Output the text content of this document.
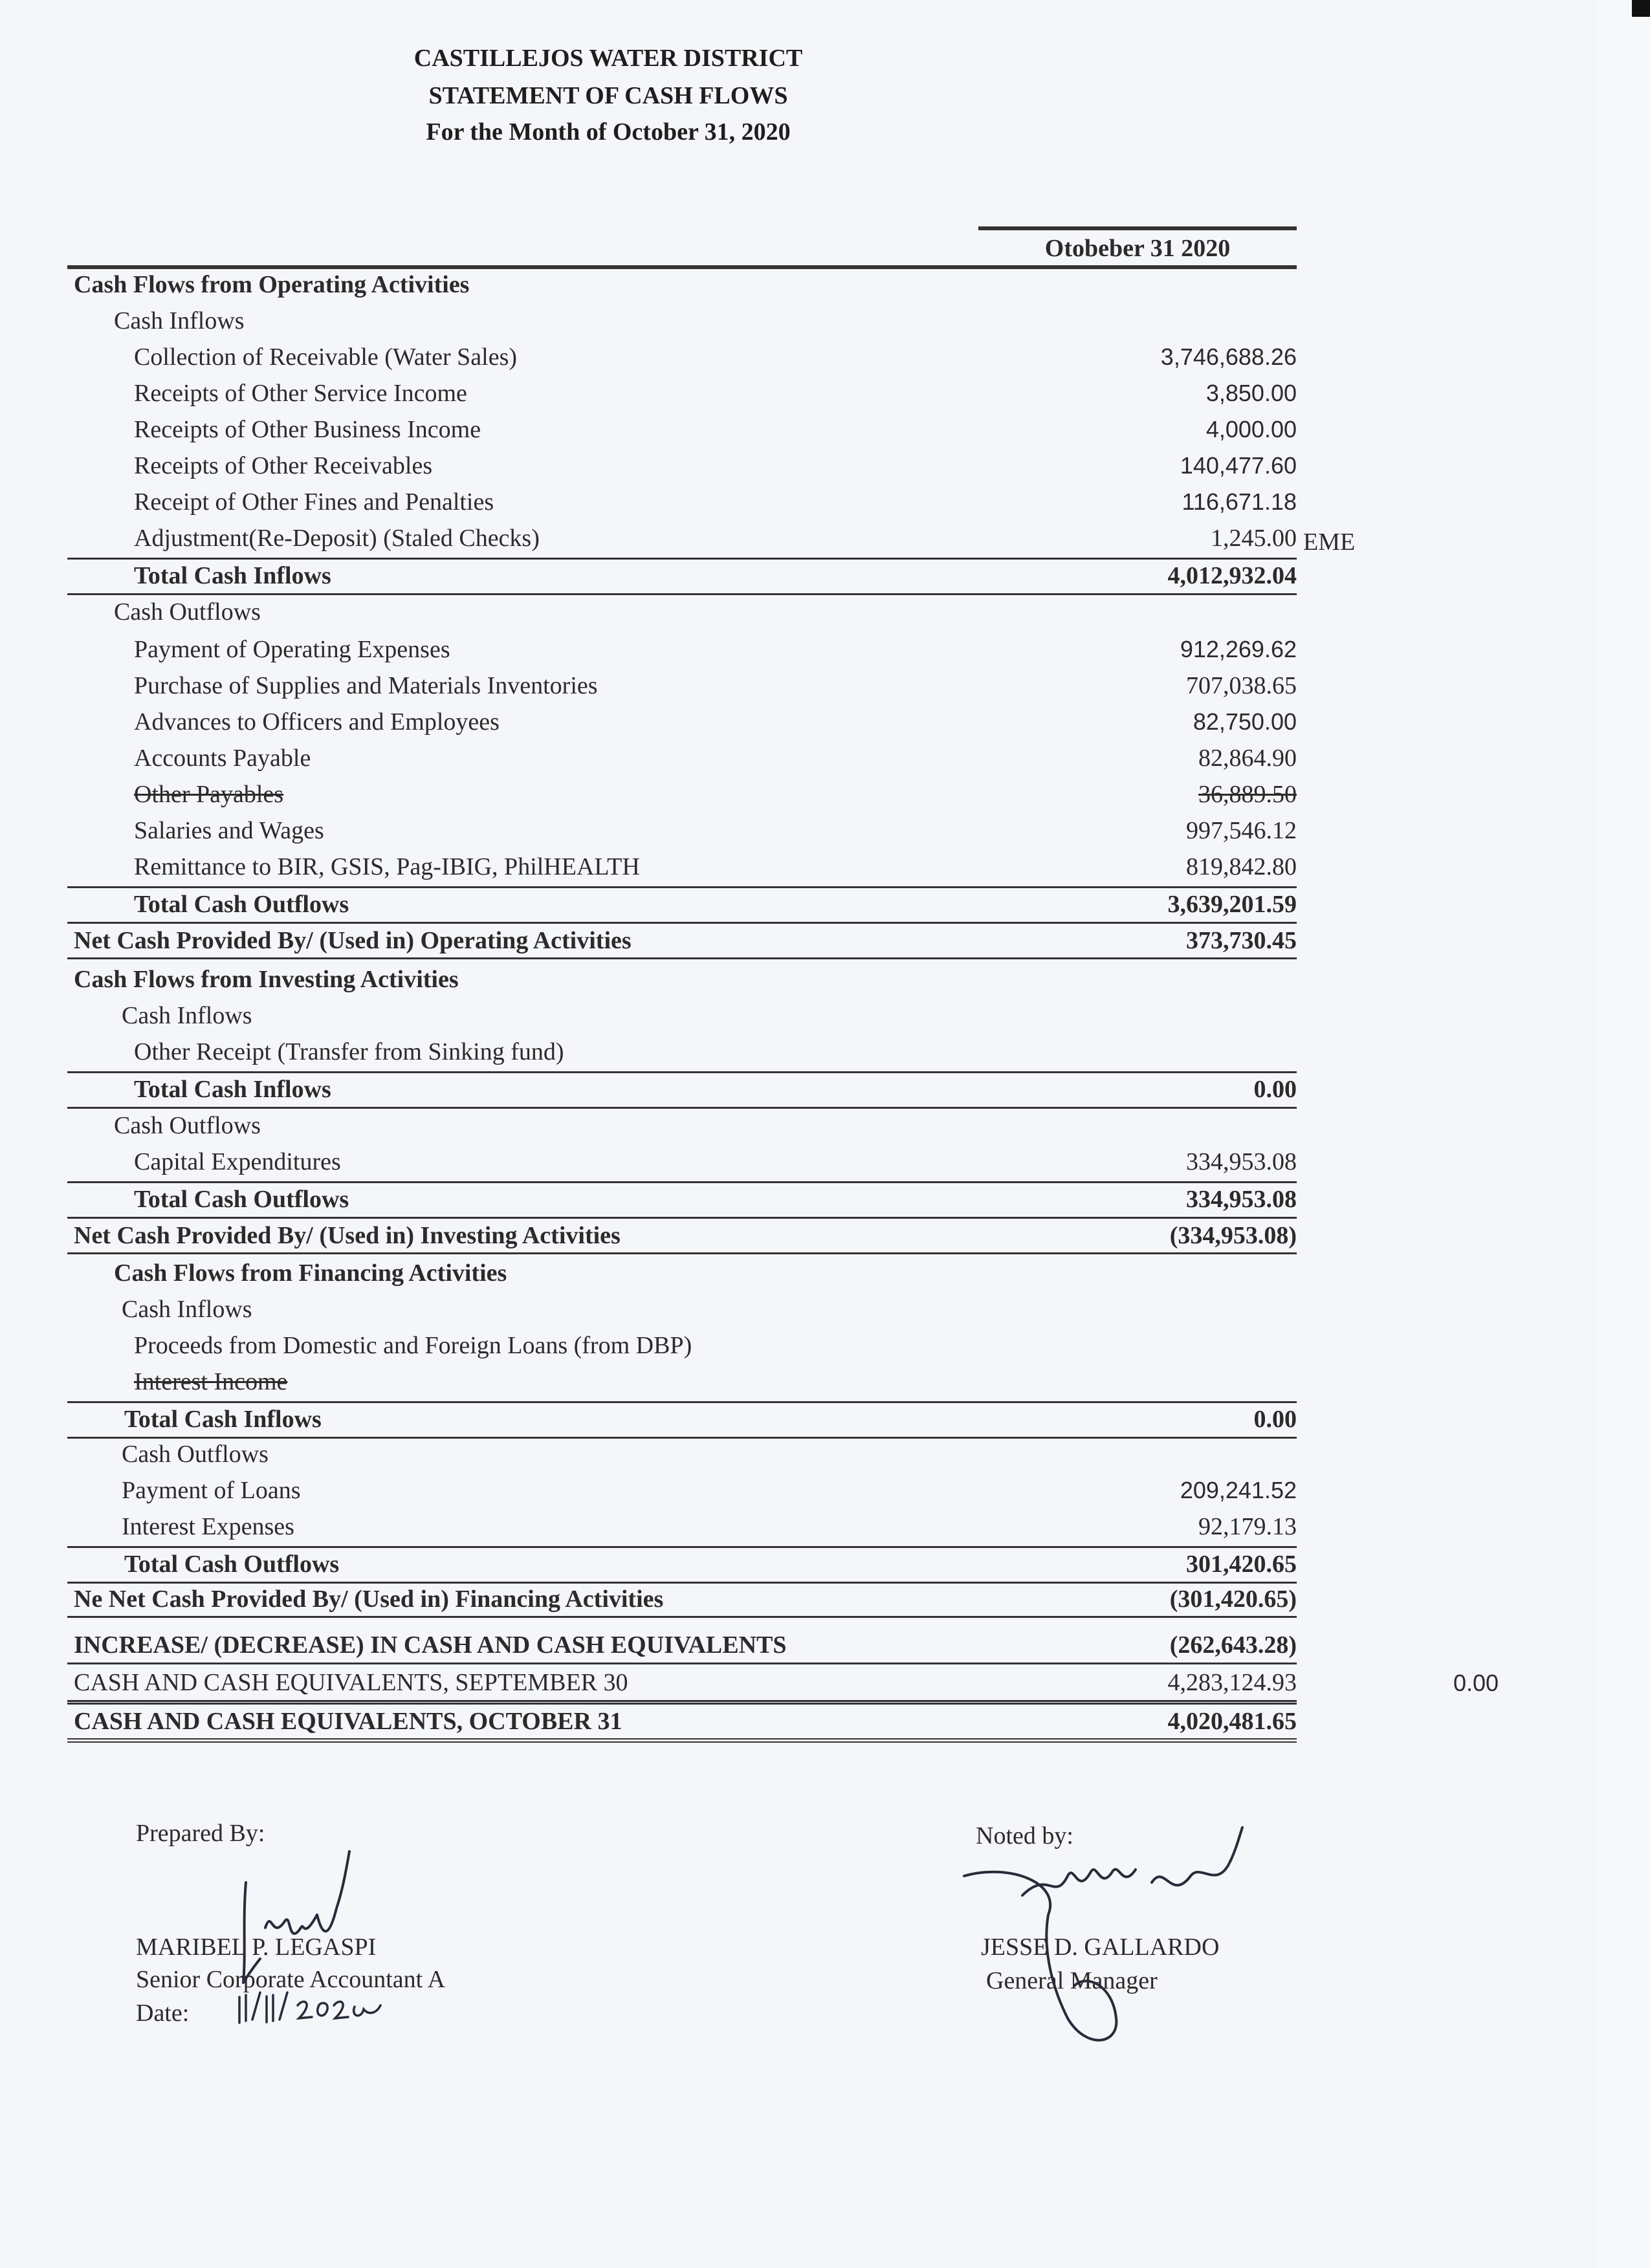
CASTILLEJOS WATER DISTRICT
STATEMENT OF CASH FLOWS
For the Month of October 31, 2020
Otobeber 31 2020
Cash Flows from Operating Activities
Cash Inflows
Collection of Receivable (Water Sales)	3,746,688.26
Receipts of Other Service Income	3,850.00
Receipts of Other Business Income	4,000.00
Receipts of Other Receivables	140,477.60
Receipt of Other Fines and Penalties	116,671.18
Adjustment(Re-Deposit) (Staled Checks)	1,245.00 EME
Total Cash Inflows	4,012,932.04
Cash Outflows
Payment of Operating Expenses	912,269.62
Purchase of Supplies and Materials Inventories	707,038.65
Advances to Officers and Employees	82,750.00
Accounts Payable	82,864.90
Other Payables	36,889.50
Salaries and Wages	997,546.12
Remittance to BIR, GSIS, Pag-IBIG, PhilHEALTH	819,842.80
Total Cash Outflows	3,639,201.59
Net Cash Provided By/ (Used in) Operating Activities	373,730.45
Cash Flows from Investing Activities
Cash Inflows
Other Receipt (Transfer from Sinking fund)
Total Cash Inflows	0.00
Cash Outflows
Capital Expenditures	334,953.08
Total Cash Outflows	334,953.08
Net Cash Provided By/ (Used in) Investing Activities	(334,953.08)
Cash Flows from Financing Activities
Cash Inflows
Proceeds from Domestic and Foreign Loans (from DBP)
Interest Income
Total Cash Inflows	0.00
Cash Outflows
Payment of Loans	209,241.52
Interest Expenses	92,179.13
Total Cash Outflows	301,420.65
Ne Net Cash Provided By/ (Used in) Financing Activities	(301,420.65)
INCREASE/ (DECREASE) IN CASH AND CASH EQUIVALENTS	(262,643.28)
CASH AND CASH EQUIVALENTS, SEPTEMBER 30	4,283,124.93	0.00
CASH AND CASH EQUIVALENTS, OCTOBER 31	4,020,481.65
Prepared By:
MARIBEL P. LEGASPI
Senior Corporate Accountant A
Date:
Noted by:
JESSE D. GALLARDO
General Manager
